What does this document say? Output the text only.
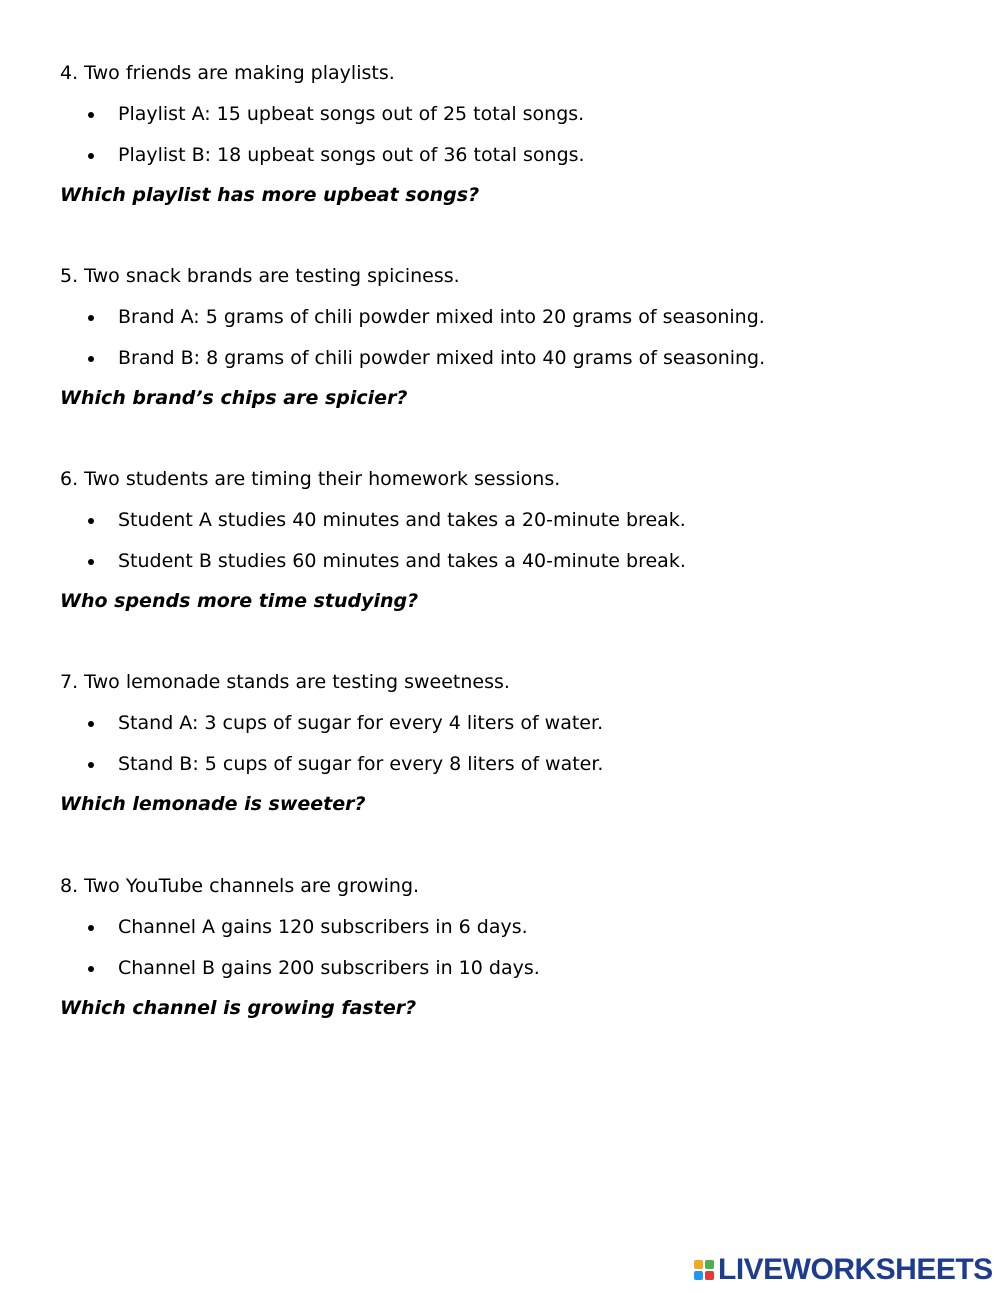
4. Two friends are making playlists.
Playlist A: 15 upbeat songs out of 25 total songs.
Playlist B: 18 upbeat songs out of 36 total songs.
Which playlist has more upbeat songs?
5. Two snack brands are testing spiciness.
Brand A: 5 grams of chili powder mixed into 20 grams of seasoning.
Brand B: 8 grams of chili powder mixed into 40 grams of seasoning.
Which brand’s chips are spicier?
6. Two students are timing their homework sessions.
Student A studies 40 minutes and takes a 20-minute break.
Student B studies 60 minutes and takes a 40-minute break.
Who spends more time studying?
7. Two lemonade stands are testing sweetness.
Stand A: 3 cups of sugar for every 4 liters of water.
Stand B: 5 cups of sugar for every 8 liters of water.
Which lemonade is sweeter?
8. Two YouTube channels are growing.
Channel A gains 120 subscribers in 6 days.
Channel B gains 200 subscribers in 10 days.
Which channel is growing faster?
LIVEWORKSHEETS
